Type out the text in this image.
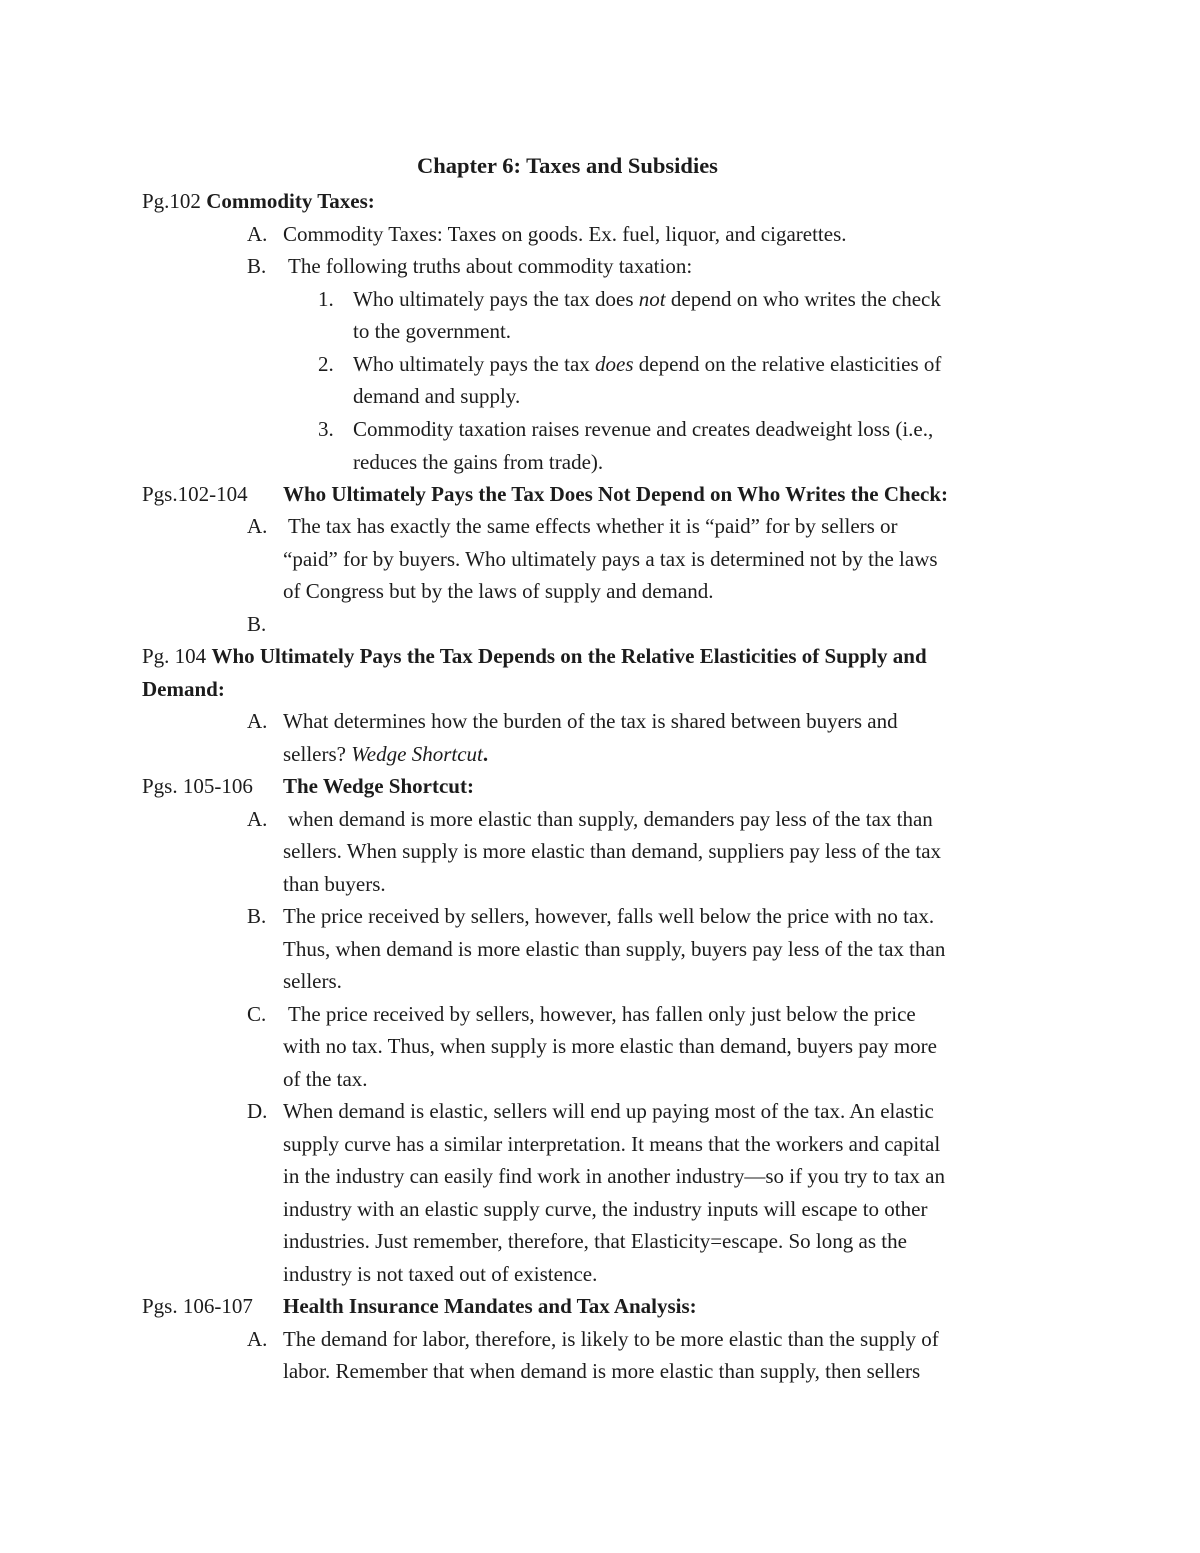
Chapter 6: Taxes and Subsidies
Pg.102 Commodity Taxes:
A. Commodity Taxes: Taxes on goods. Ex. fuel, liquor, and cigarettes.
B. The following truths about commodity taxation:
1. Who ultimately pays the tax does not depend on who writes the check
to the government.
2. Who ultimately pays the tax does depend on the relative elasticities of
demand and supply.
3. Commodity taxation raises revenue and creates deadweight loss (i.e.,
reduces the gains from trade).
Pgs.102-104 Who Ultimately Pays the Tax Does Not Depend on Who Writes the Check:
A. The tax has exactly the same effects whether it is “paid” for by sellers or
“paid” for by buyers. Who ultimately pays a tax is determined not by the laws
of Congress but by the laws of supply and demand.
B.
Pg. 104 Who Ultimately Pays the Tax Depends on the Relative Elasticities of Supply and
Demand:
A. What determines how the burden of the tax is shared between buyers and
sellers? Wedge Shortcut.
Pgs. 105-106 The Wedge Shortcut:
A. when demand is more elastic than supply, demanders pay less of the tax than
sellers. When supply is more elastic than demand, suppliers pay less of the tax
than buyers.
B. The price received by sellers, however, falls well below the price with no tax.
Thus, when demand is more elastic than supply, buyers pay less of the tax than
sellers.
C. The price received by sellers, however, has fallen only just below the price
with no tax. Thus, when supply is more elastic than demand, buyers pay more
of the tax.
D. When demand is elastic, sellers will end up paying most of the tax. An elastic
supply curve has a similar interpretation. It means that the workers and capital
in the industry can easily find work in another industry—so if you try to tax an
industry with an elastic supply curve, the industry inputs will escape to other
industries. Just remember, therefore, that Elasticity=escape. So long as the
industry is not taxed out of existence.
Pgs. 106-107 Health Insurance Mandates and Tax Analysis:
A. The demand for labor, therefore, is likely to be more elastic than the supply of
labor. Remember that when demand is more elastic than supply, then sellers
